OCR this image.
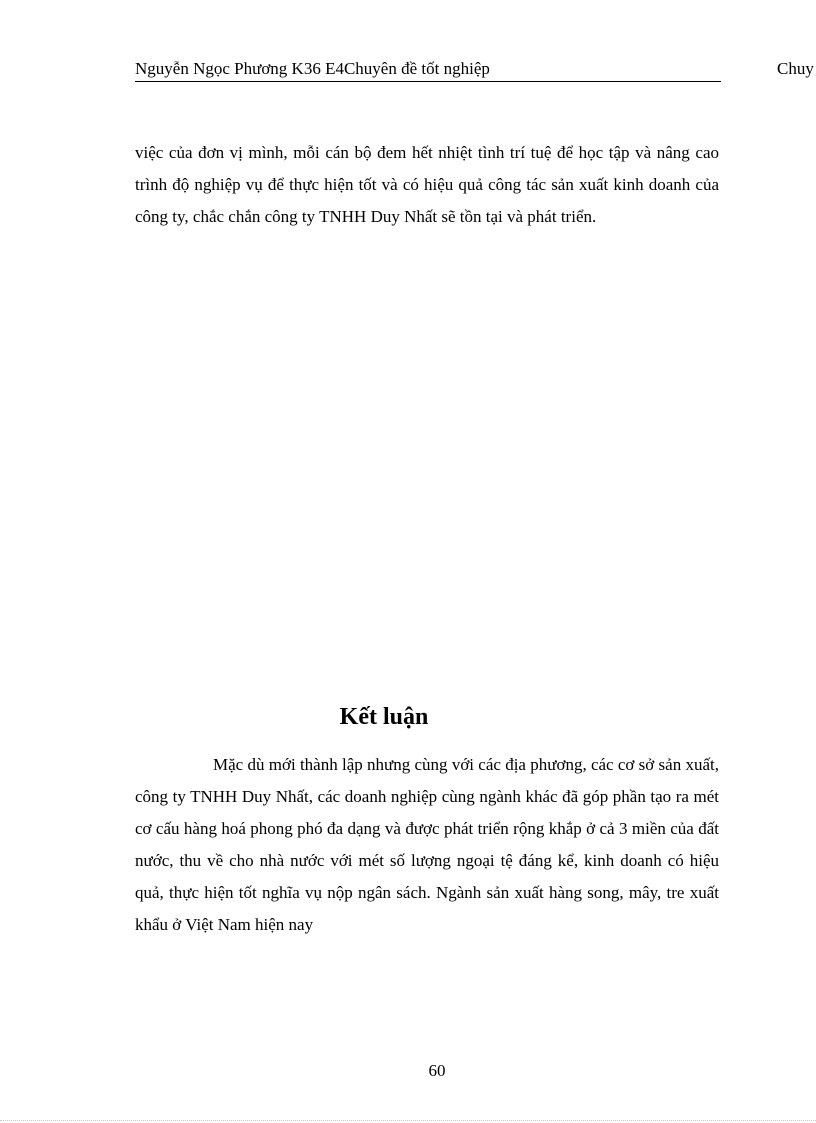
Nguyễn Ngọc Phương K36 E4Chuyên đề tốt nghiệp	Chuy
việc của đơn vị mình, mỗi cán bộ đem hết nhiệt tình trí tuệ để học tập và nâng cao trình độ nghiệp vụ để thực hiện tốt và có hiệu quả công tác sản xuất kinh doanh của công ty, chắc chắn công ty TNHH Duy Nhất sẽ tồn tại và phát triển.
Kết luận
Mặc dù mới thành lập nhưng cùng với các địa phương, các cơ sở sản xuất, công ty TNHH Duy Nhất, các doanh nghiệp cùng ngành khác đã góp phần tạo ra mét cơ cấu hàng hoá phong phó đa dạng và được phát triển rộng khắp ở cả 3 miền của đất nước, thu về cho nhà nước với mét số lượng ngoại tệ đáng kể, kinh doanh có hiệu quả, thực hiện tốt nghĩa vụ nộp ngân sách. Ngành sản xuất hàng song, mây, tre xuất khẩu ở Việt Nam hiện nay
60
